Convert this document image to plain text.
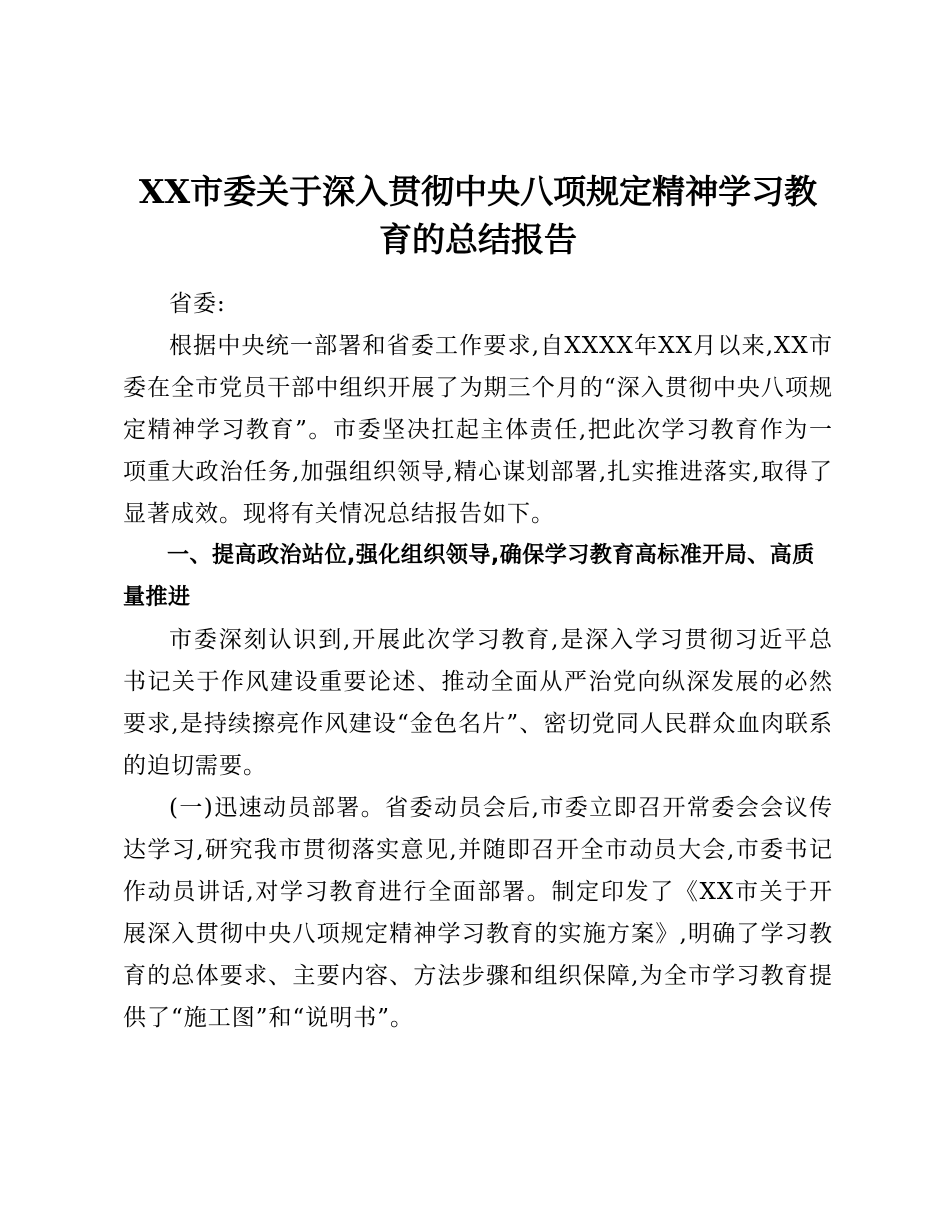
XX市委关于深入贯彻中央八项规定精神学习教
育的总结报告

省委:

根据中央统一部署和省委工作要求,自XXXX年XX月以来,XX市委在全市党员干部中组织开展了为期三个月的“深入贯彻中央八项规定精神学习教育”。市委坚决扛起主体责任,把此次学习教育作为一项重大政治任务,加强组织领导,精心谋划部署,扎实推进落实,取得了显著成效。现将有关情况总结报告如下。

一、提高政治站位,强化组织领导,确保学习教育高标准开局、高质量推进

市委深刻认识到,开展此次学习教育,是深入学习贯彻习近平总书记关于作风建设重要论述、推动全面从严治党向纵深发展的必然要求,是持续擦亮作风建设“金色名片”、密切党同人民群众血肉联系的迫切需要。

(一)迅速动员部署。省委动员会后,市委立即召开常委会会议传达学习,研究我市贯彻落实意见,并随即召开全市动员大会,市委书记作动员讲话,对学习教育进行全面部署。制定印发了《XX市关于开展深入贯彻中央八项规定精神学习教育的实施方案》,明确了学习教育的总体要求、主要内容、方法步骤和组织保障,为全市学习教育提供了“施工图”和“说明书”。
